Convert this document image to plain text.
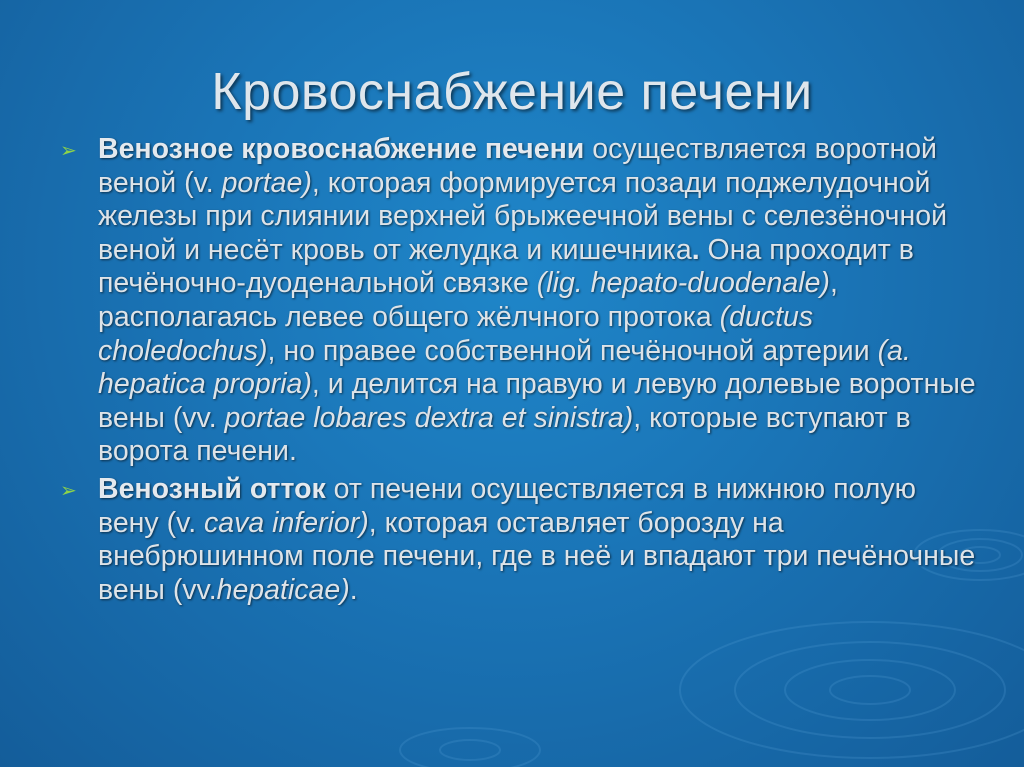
Кровоснабжение печени

➢ Венозное кровоснабжение печени осуществляется воротной веной (v. portae), которая формируется позади поджелудочной железы при слиянии верхней брыжеечной вены с селезёночной веной и несёт кровь от желудка и кишечника. Она проходит в печёночно-дуоденальной связке (lig. hepato-duodenale), располагаясь левее общего жёлчного протока (ductus choledochus), но правее собственной печёночной артерии (a. hepatica propria), и делится на правую и левую долевые воротные вены (vv. portae lobares dextra et sinistra), которые вступают в ворота печени.

➢ Венозный отток от печени осуществляется в нижнюю полую вену (v. cava inferior), которая оставляет борозду на внебрюшинном поле печени, где в неё и впадают три печёночные вены (vv.hepaticae).
